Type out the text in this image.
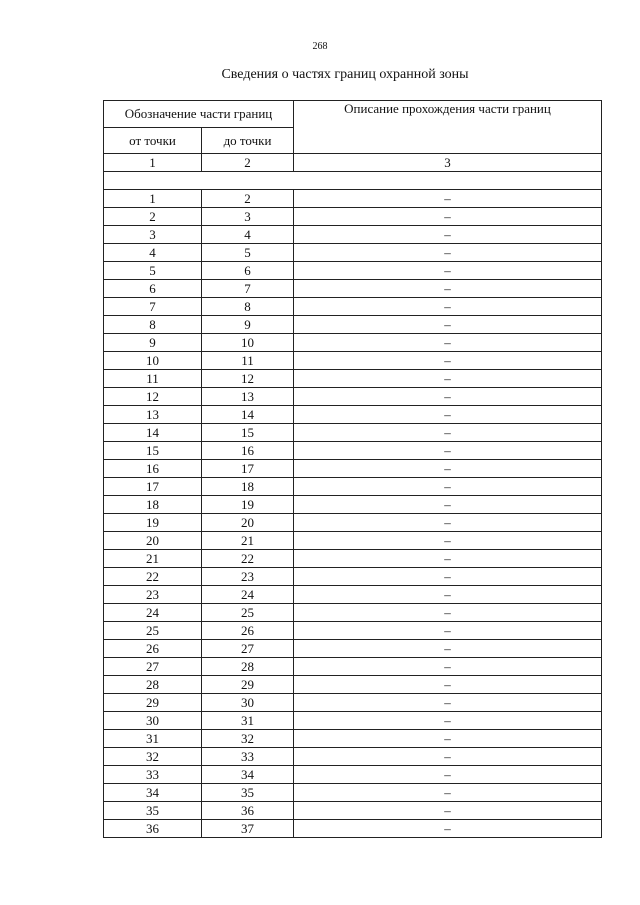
268
Сведения о частях границ охранной зоны
Обозначение части границ		Описание прохождения части границ
от точки	до точки	
1	2	3

1	2	–
2	3	–
3	4	–
4	5	–
5	6	–
6	7	–
7	8	–
8	9	–
9	10	–
10	11	–
11	12	–
12	13	–
13	14	–
14	15	–
15	16	–
16	17	–
17	18	–
18	19	–
19	20	–
20	21	–
21	22	–
22	23	–
23	24	–
24	25	–
25	26	–
26	27	–
27	28	–
28	29	–
29	30	–
30	31	–
31	32	–
32	33	–
33	34	–
34	35	–
35	36	–
36	37	–
